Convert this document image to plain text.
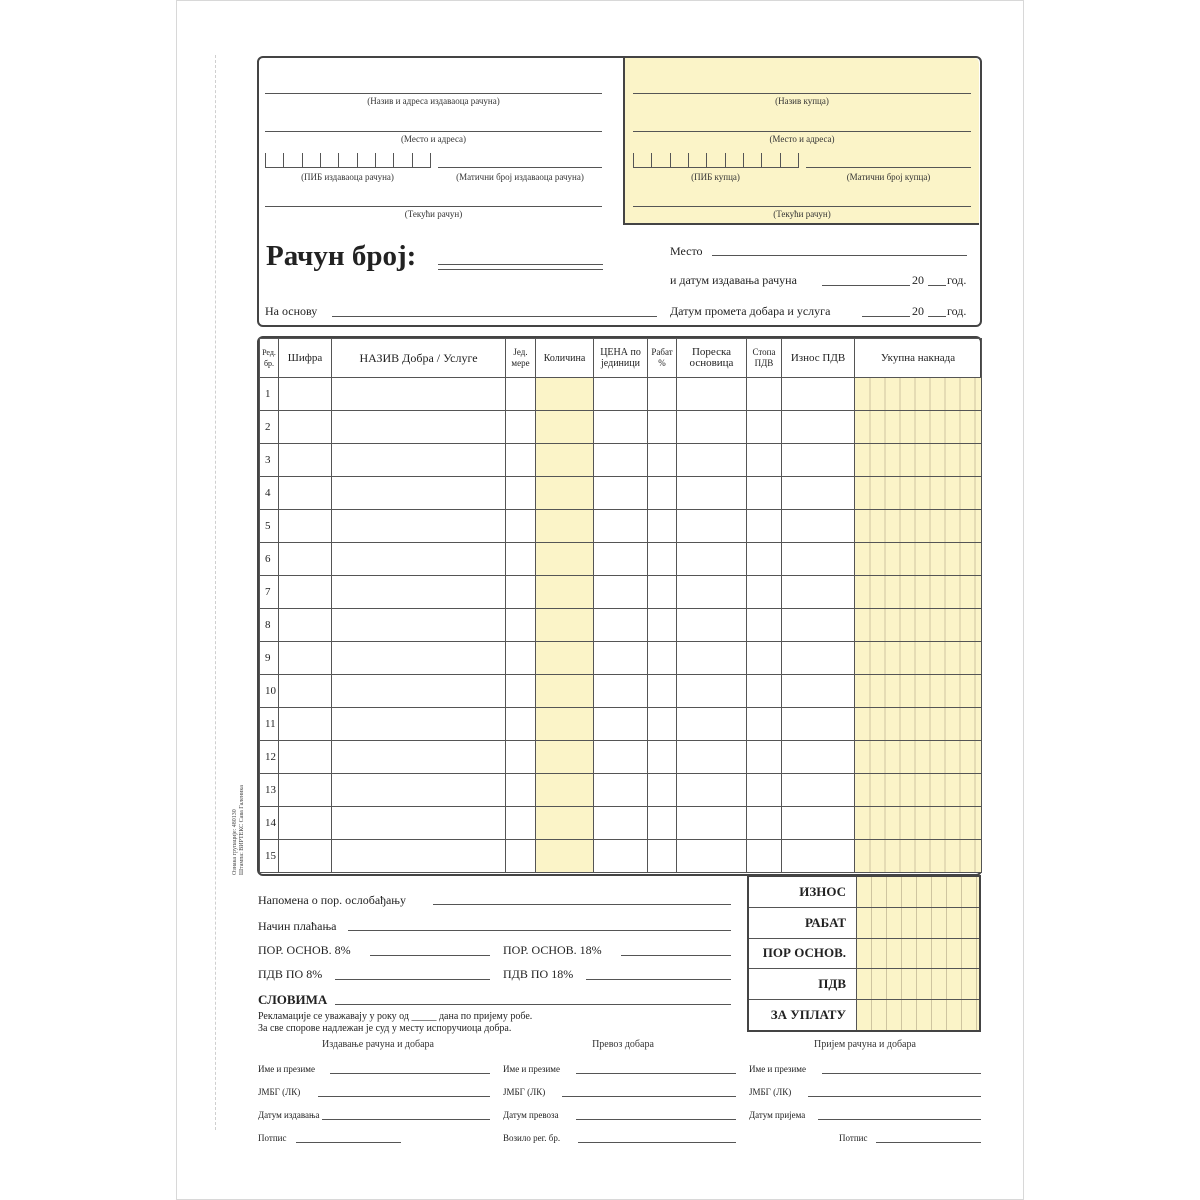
(Назив и адреса издаваоца рачуна)
(Место и адреса)
(ПИБ издаваоца рачуна)	(Матични број издаваоца рачуна)
(Текући рачун)
(Назив купца)
(Место и адреса)
(ПИБ купца)	(Матични број купца)
(Текући рачун)
Рачун број:	Место
и датум издавања рачуна	20 год.
На основу	Датум промета добара и услуга	20 год.
Ред. бр.	Шифра	НАЗИВ Добра / Услуге	Јед. мере	Количина	ЦЕНА по јединици	Рабат %	Пореска основица	Стопа ПДВ	Износ ПДВ	Укупна накнада
1										
2										
3										
4										
5										
6										
7										
8										
9										
10										
11										
12										
13										
14										
15										
ИЗНОС
РАБАТ
ПОР ОСНОВ.
ПДВ
ЗА УПЛАТУ
Напомена о пор. ослобађању
Начин плаћања
ПОР. ОСНОВ. 8%	ПОР. ОСНОВ. 18%
ПДВ ПО 8%	ПДВ ПО 18%
СЛОВИМА
Рекламације се уважавају у року од _____ дана по пријему робе.
За све спорове надлежан је суд у месту испоручиоца добра.
Издавање рачуна и добара	Превоз добара	Пријем рачуна и добара
Име и презиме
ЈМБГ (ЛК)
Датум издавања
Потпис
Име и презиме
ЈМБГ (ЛК)
Датум превоза
Возило рег. бр.
Име и презиме
ЈМБГ (ЛК)
Датум пријема
Потпис
Ознака групације: 480130 Штампа: ВИРТЕКС Сава Галеника
